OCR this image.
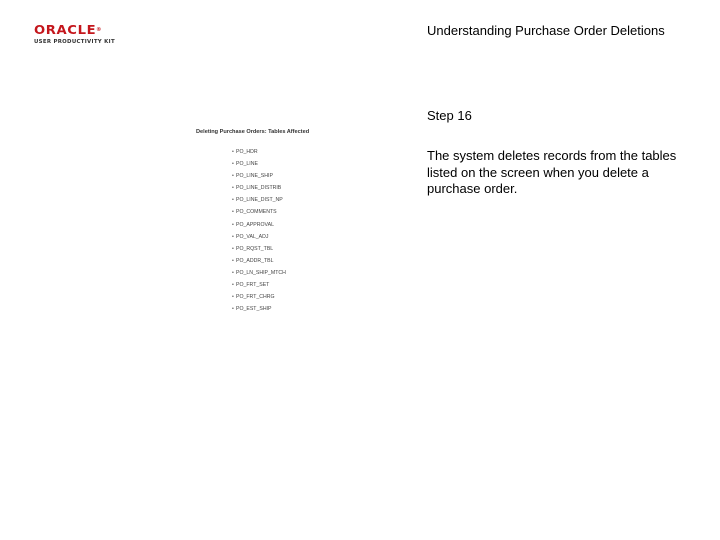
ORACLE®
USER PRODUCTIVITY KIT
Understanding Purchase Order Deletions
Step 16
The system deletes records from the tables listed on the screen when you delete a purchase order.
Deleting Purchase Orders: Tables Affected
• PO_HDR
• PO_LINE
• PO_LINE_SHIP
• PO_LINE_DISTRIB
• PO_LINE_DIST_NP
• PO_COMMENTS
• PO_APPROVAL
• PO_VAL_ADJ
• PO_RQST_TBL
• PO_ADDR_TBL
• PO_LN_SHIP_MTCH
• PO_FRT_SET
• PO_FRT_CHRG
• PO_EST_SHIP
